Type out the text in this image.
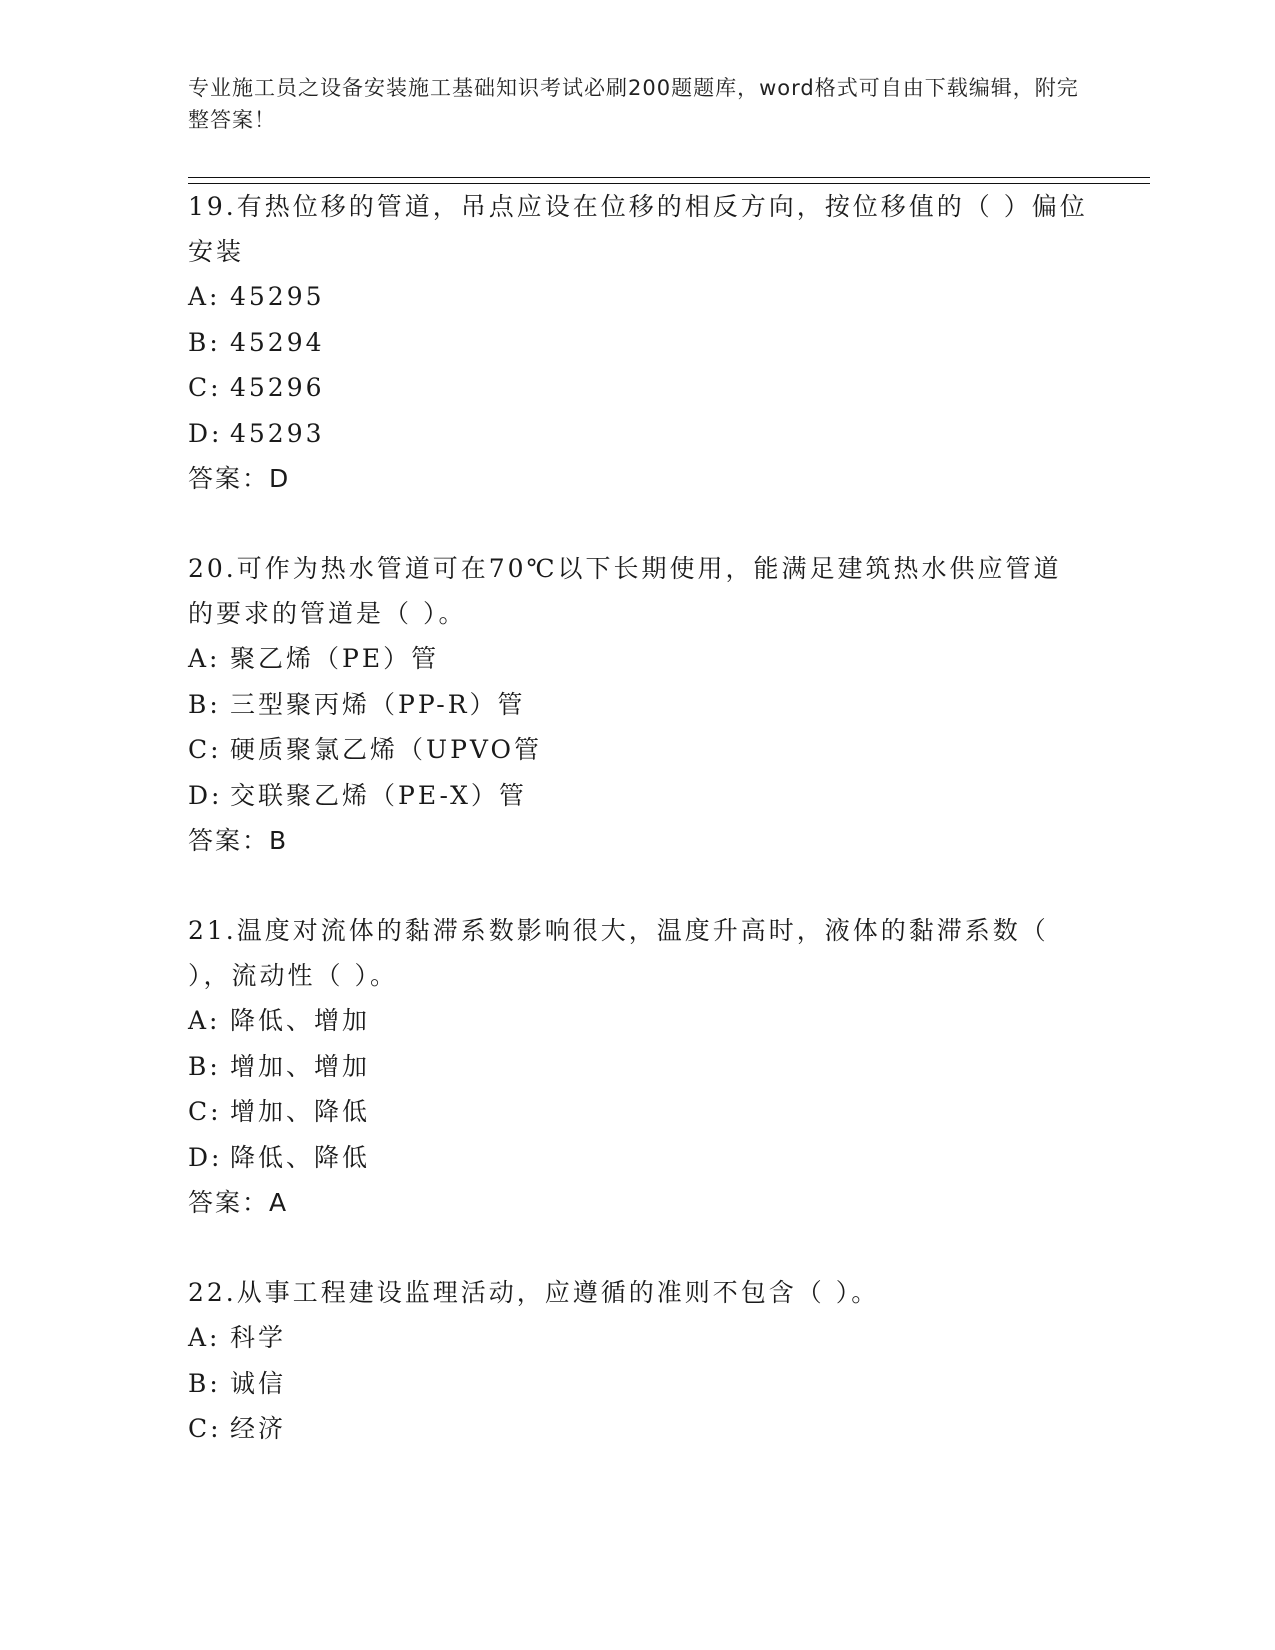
专业施工员之设备安装施工基础知识考试必刷200题题库，word格式可自由下载编辑，附完整答案！

19.有热位移的管道，吊点应设在位移的相反方向，按位移值的（ ）偏位安装

A: 45295

B: 45294

C: 45296

D: 45293

答案：D

20.可作为热水管道可在70℃以下长期使用，能满足建筑热水供应管道的要求的管道是（ ）。

A: 聚乙烯（PE）管

B: 三型聚丙烯（PP-R）管

C: 硬质聚氯乙烯（UPVO管

D: 交联聚乙烯（PE-X）管

答案：B

21.温度对流体的黏滞系数影响很大，温度升高时，液体的黏滞系数（ ），流动性（ ）。

A: 降低、增加

B: 增加、增加

C: 增加、降低

D: 降低、降低

答案：A

22.从事工程建设监理活动，应遵循的准则不包含（ ）。

A: 科学

B: 诚信

C: 经济
